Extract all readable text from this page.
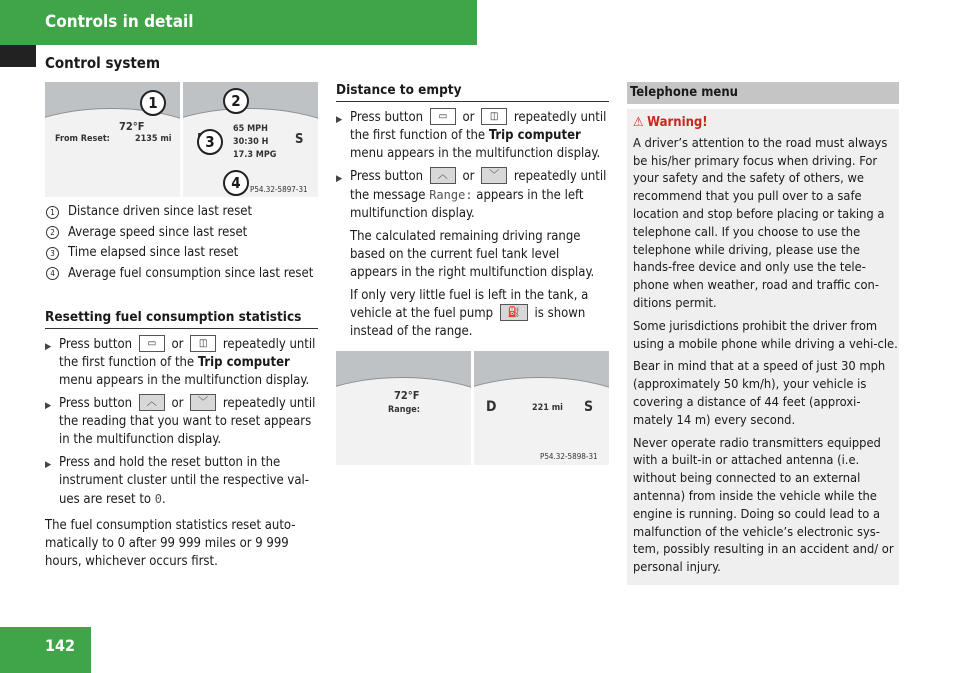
Controls in detail
Control system
72°F
From Reset:	2135 mi
1
65 MPH
30:30 H
17.3 MPG
S
2
3
4	P54.32-5897-31
1	Distance driven since last reset
2	Average speed since last reset
3	Time elapsed since last reset
4	Average fuel consumption since last reset
Resetting fuel consumption statistics
▶ Press button	▭	or	◫	repeatedly until the first function of the Trip computer menu appears in the multifunction display.
▶ Press button	︿	or	﹀	repeatedly until the reading that you want to reset appears in the multifunction display.
▶ Press and hold the reset button in the instrument cluster until the respective val-ues are reset to 0.
The fuel consumption statistics reset auto-matically to 0 after 99 999 miles or 9 999 hours, whichever occurs first.
Distance to empty
▶ Press button	▭	or	◫	repeatedly until the first function of the Trip computer menu appears in the multifunction display.
▶ Press button	︿	or	﹀	repeatedly until the message Range: appears in the left multifunction display.
The calculated remaining driving range based on the current fuel tank level appears in the right multifunction display.
If only very little fuel is left in the tank, a vehicle at the fuel pump	⛽	is shown instead of the range.
72°F
Range:	D	221 mi S
P54.32-5898-31
Telephone menu
⚠ Warning!
A driver’s attention to the road must always be his/her primary focus when driving. For your safety and the safety of others, we recommend that you pull over to a safe location and stop before placing or taking a telephone call. If you choose to use the telephone while driving, please use the hands-free device and only use the tele-phone when weather, road and traffic con-ditions permit.
Some jurisdictions prohibit the driver from using a mobile phone while driving a vehi-cle.
Bear in mind that at a speed of just 30 mph (approximately 50 km/h), your vehicle is covering a distance of 44 feet (approxi-mately 14 m) every second.
Never operate radio transmitters equipped with a built-in or attached antenna (i.e. without being connected to an external antenna) from inside the vehicle while the engine is running. Doing so could lead to a malfunction of the vehicle’s electronic sys-tem, possibly resulting in an accident and/ or personal injury.
142
